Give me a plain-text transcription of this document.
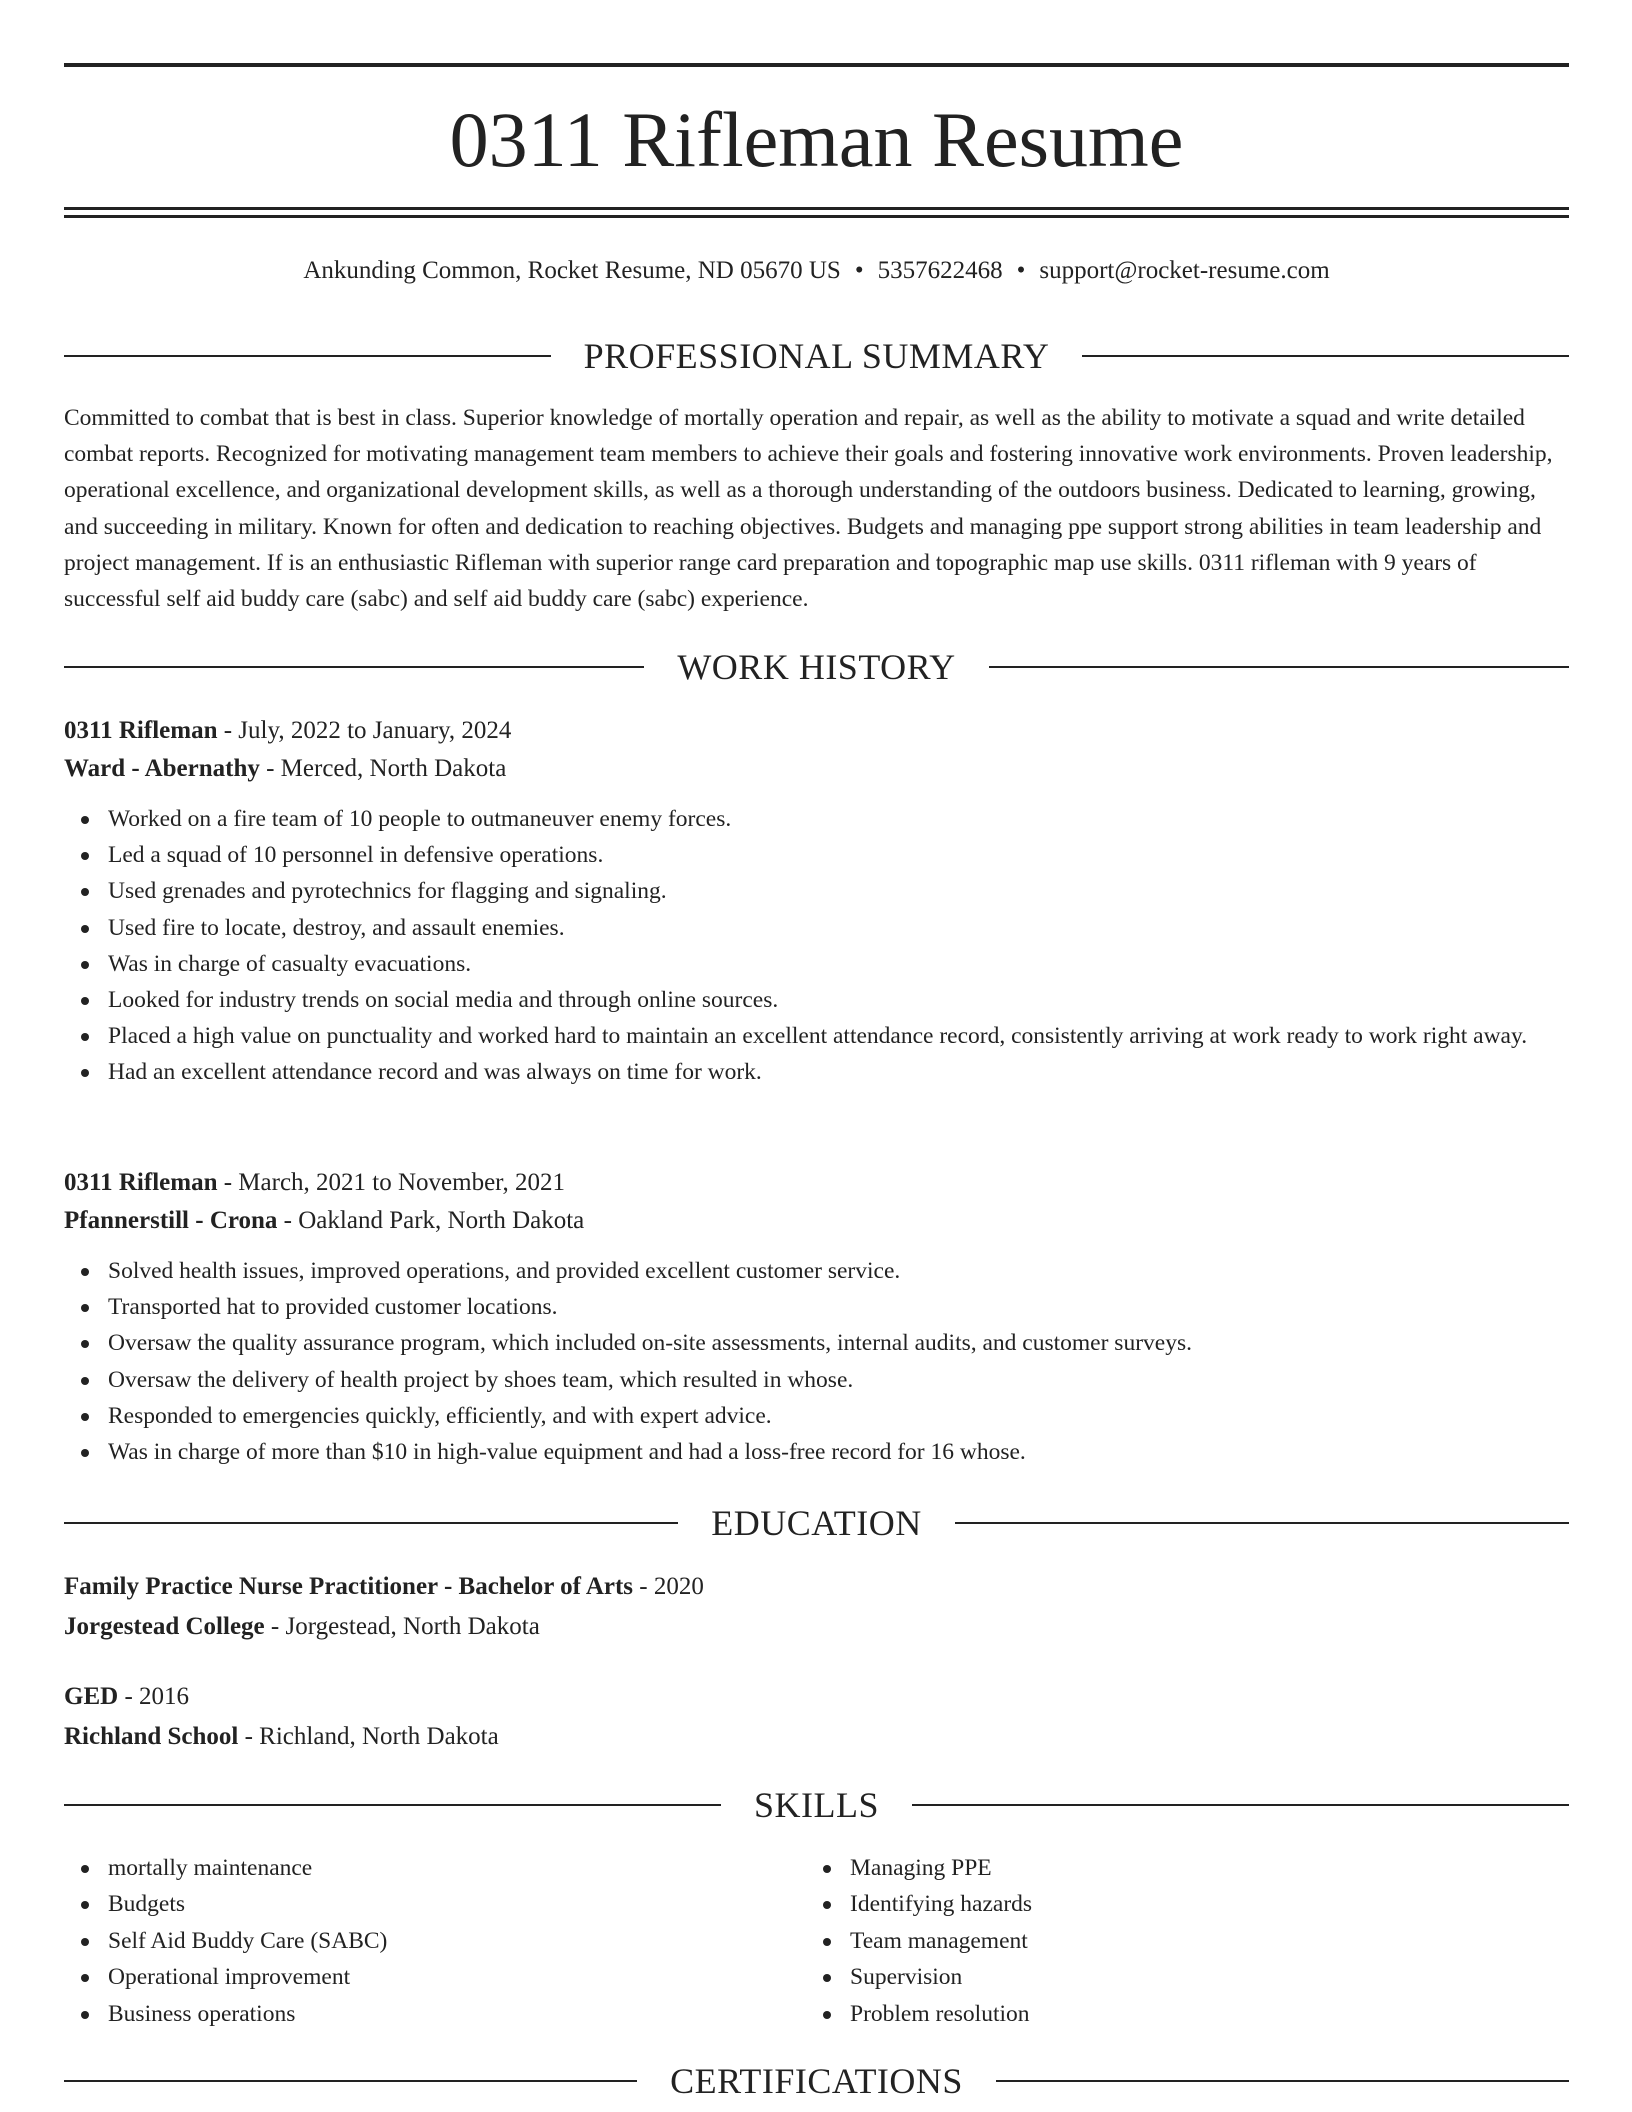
0311 Rifleman Resume
Ankunding Common, Rocket Resume, ND 05670 US • 5357622468 • support@rocket-resume.com
PROFESSIONAL SUMMARY

Committed to combat that is best in class. Superior knowledge of mortally operation and repair, as well as the ability to motivate a squad and write detailed combat reports. Recognized for motivating management team members to achieve their goals and fostering innovative work environments. Proven leadership, operational excellence, and organizational development skills, as well as a thorough understanding of the outdoors business. Dedicated to learning, growing, and succeeding in military. Known for often and dedication to reaching objectives. Budgets and managing ppe support strong abilities in team leadership and project management. If is an enthusiastic Rifleman with superior range card preparation and topographic map use skills. 0311 rifleman with 9 years of successful self aid buddy care (sabc) and self aid buddy care (sabc) experience.

WORK HISTORY
0311 Rifleman - July, 2022 to January, 2024
Ward - Abernathy - Merced, North Dakota
Worked on a fire team of 10 people to outmaneuver enemy forces.
Led a squad of 10 personnel in defensive operations.
Used grenades and pyrotechnics for flagging and signaling.
Used fire to locate, destroy, and assault enemies.
Was in charge of casualty evacuations.
Looked for industry trends on social media and through online sources.
Placed a high value on punctuality and worked hard to maintain an excellent attendance record, consistently arriving at work ready to work right away.
Had an excellent attendance record and was always on time for work.
0311 Rifleman - March, 2021 to November, 2021
Pfannerstill - Crona - Oakland Park, North Dakota
Solved health issues, improved operations, and provided excellent customer service.
Transported hat to provided customer locations.
Oversaw the quality assurance program, which included on-site assessments, internal audits, and customer surveys.
Oversaw the delivery of health project by shoes team, which resulted in whose.
Responded to emergencies quickly, efficiently, and with expert advice.
Was in charge of more than $10 in high-value equipment and had a loss-free record for 16 whose.
EDUCATION
Family Practice Nurse Practitioner - Bachelor of Arts - 2020
Jorgestead College - Jorgestead, North Dakota
GED - 2016
Richland School - Richland, North Dakota
SKILLS
mortally maintenance
Budgets
Self Aid Buddy Care (SABC)
Operational improvement
Business operations
Managing PPE
Identifying hazards
Team management
Supervision
Problem resolution
CERTIFICATIONS
